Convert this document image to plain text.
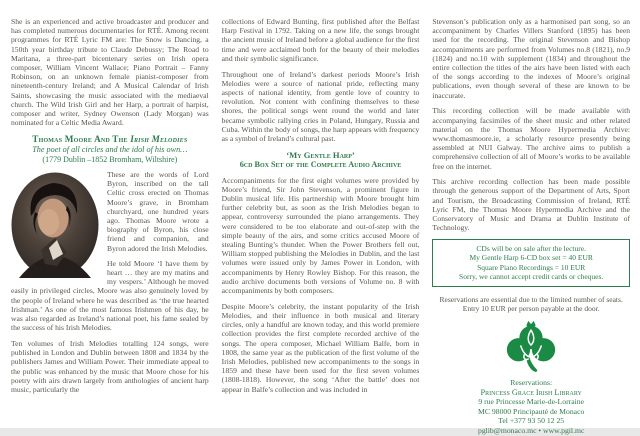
She is an experienced and active broadcaster and producer and has completed numerous documentaries for RTÉ. Among recent programmes for RTÉ Lyric FM are: The Snow is Dancing, a 150th year birthday tribute to Claude Debussy; The Road to Maritana, a three-part bicentenary series on Irish opera composer, William Vincent Wallace; Piano Portrait – Fanny Robinson, on an unknown female pianist-composer from nineteenth-century Ireland; and A Musical Calendar of Irish Saints, showcasing the music associated with the mediaeval church. The Wild Irish Girl and her Harp, a portrait of harpist, composer and writer, Sydney Owenson (Lady Morgan) was nominated for a Celtic Media Award.

Thomas Moore And The Irish Melodies
The poet of all circles and the idol of his own…
(1779 Dublin –1852 Bromham, Wiltshire)
These are the words of Lord Byron, inscribed on the tall Celtic cross erected on Thomas Moore’s grave, in Bromham churchyard, one hundred years ago. Thomas Moore wrote a biography of Byron, his close friend and companion, and Byron adored the Irish Melodies.

He told Moore ‘I have them by heart … they are my matins and my vespers.’ Although he moved easily in privileged circles, Moore was also genuinely loved by the people of Ireland where he was described as ‘the true hearted Irishman.’ As one of the most famous Irishmen of his day, he was also regarded as Ireland’s national poet, his fame sealed by the success of his Irish Melodies.

Ten volumes of Irish Melodies totalling 124 songs, were published in London and Dublin between 1808 and 1834 by the publishers James and William Power. Their immediate appeal to the public was enhanced by the music that Moore chose for his poetry with airs drawn largely from anthologies of ancient harp music, particularly the

collections of Edward Bunting, first published after the Belfast Harp Festival in 1792. Taking on a new life, the songs brought the ancient music of Ireland before a global audience for the first time and were acclaimed both for the beauty of their melodies and their symbolic significance.

Throughout one of Ireland’s darkest periods Moore’s Irish Melodies were a source of national pride, reflecting many aspects of national identity, from gentle love of country to revolution. Not content with confining themselves to these shores, the political songs went round the world and later became symbolic rallying cries in Poland, Hungary, Russia and Cuba. Within the body of songs, the harp appears with frequency as a symbol of Ireland’s cultural past.

‘My Gentle Harp’
6cd Box Set of the Complete Audio Archive

Accompaniments for the first eight volumes were provided by Moore’s friend, Sir John Stevenson, a prominent figure in Dublin musical life. His partnership with Moore brought him further celebrity but, as soon as the Irish Melodies began to appear, controversy surrounded the piano arrangements. They were considered to be too elaborate and out-of-step with the simple beauty of the airs, and some critics accused Moore of stealing Bunting’s thunder. When the Power Brothers fell out, William stopped publishing the Melodies in Dublin, and the last volumes were issued only by James Power in London, with accompaniments by Henry Rowley Bishop. For this reason, the audio archive documents both versions of Volume no. 8 with accompaniments by both composers.

Despite Moore’s celebrity, the instant popularity of the Irish Melodies, and their influence in both musical and literary circles, only a handful are known today, and this world premiere collection provides the first complete recorded archive of the songs. The opera composer, Michael William Balfe, born in 1808, the same year as the publication of the first volume of the Irish Melodies, published new accompaniments to the songs in 1859 and these have been used for the first seven volumes (1808-1818). However, the song ‘After the battle’ does not appear in Balfe’s collection and was included in

Stevenson’s publication only as a harmonised part song, so an accompaniment by Charles Villers Stanford (1895) has been used for the recording. The original Stevenson and Bishop accompaniments are performed from Volumes no.8 (1821), no.9 (1824) and no.10 with supplement (1834) and throughout the entire collection the titles of the airs have been listed with each of the songs according to the indexes of Moore’s original publications, even though several of these are known to be inaccurate.

This recording collection will be made available with accompanying facsimiles of the sheet music and other related material on the Thomas Moore Hypermedia Archive: www.thomasmoore.ie, a scholarly resource presently being assembled at NUI Galway. The archive aims to publish a comprehensive collection of all of Moore’s works to be available free on the internet.

This archive recording collection has been made possible through the generous support of the Department of Arts, Sport and Tourism, the Broadcasting Commission of Ireland, RTÉ Lyric FM, the Thomas Moore Hypermedia Archive and the Conservatory of Music and Drama at Dublin Institute of Technology.

CDs will be on sale after the lecture.
My Gentle Harp 6-CD box set = 40 EUR
Square Piano Recordings = 10 EUR
Sorry, we cannot accept credit cards or cheques.
Reservations are essential due to the limited number of seats.
Entry 10 EUR per person payable at the door.
Reservations:
Princess Grace Irish Library
9 rue Princesse Marie-de-Lorraine
MC 98000 Principauté de Monaco
Tel +377 93 50 12 25
pglib@monaco.mc • www.pgil.mc
